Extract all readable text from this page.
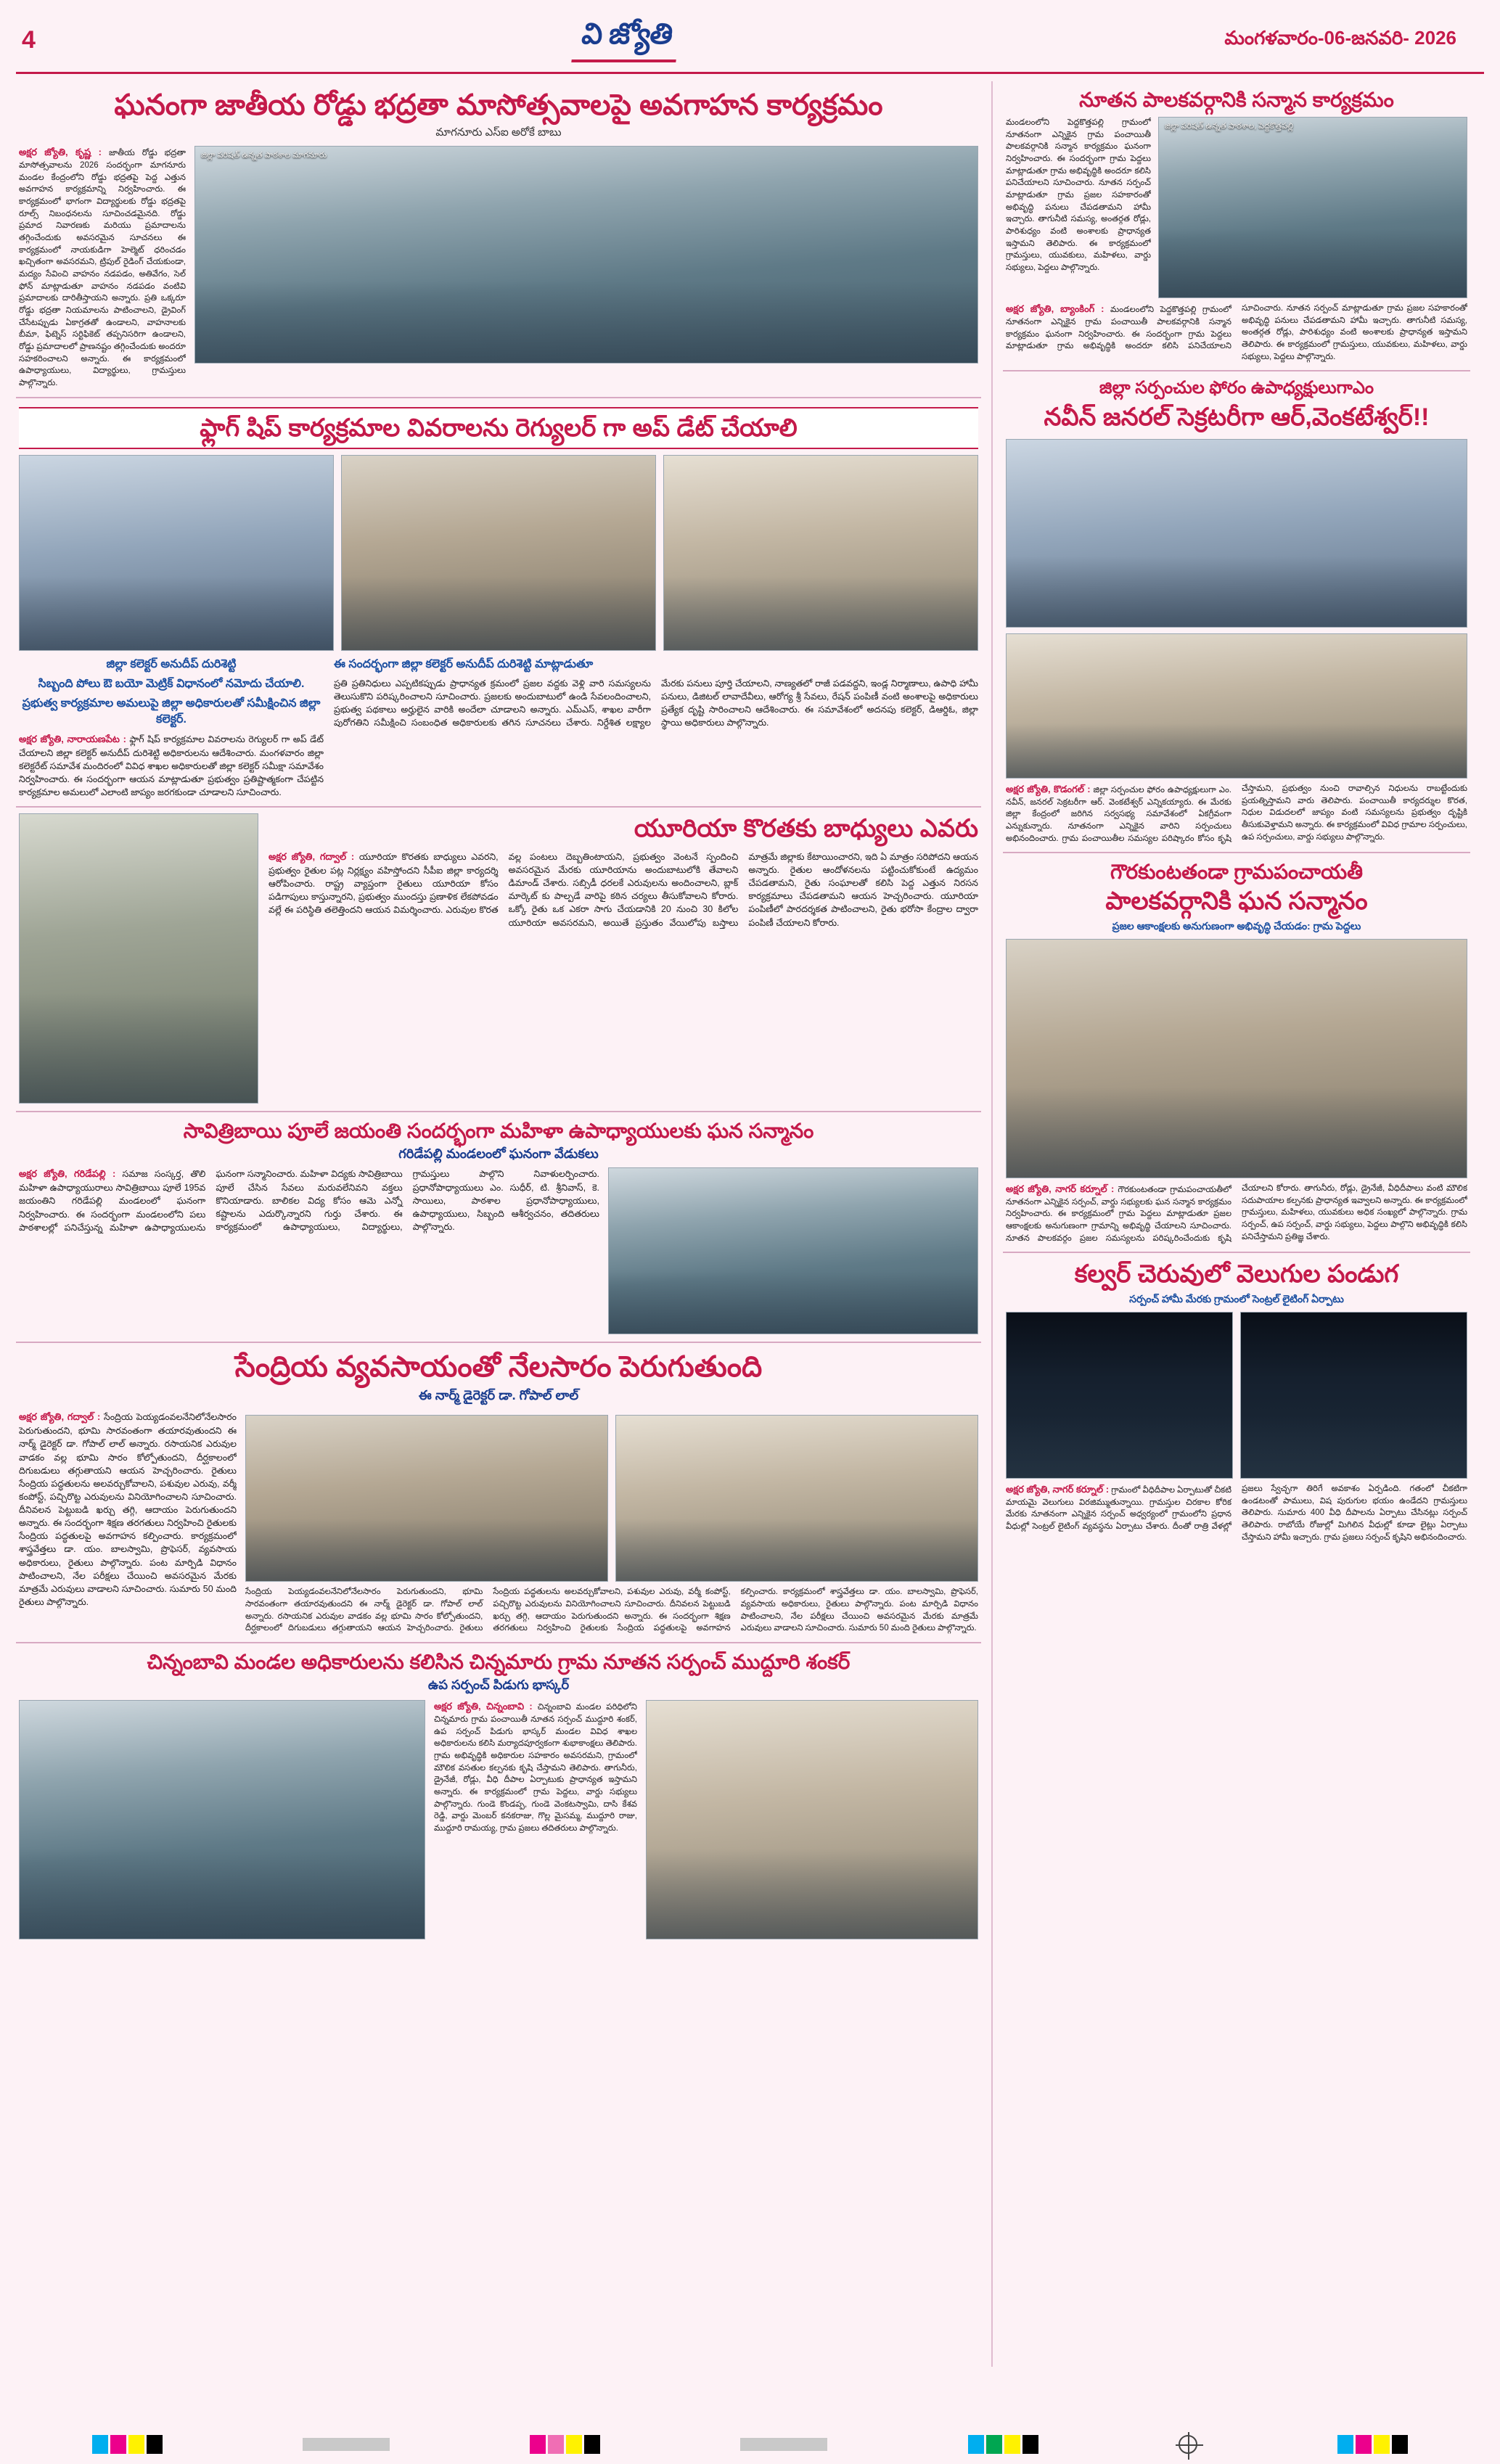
4	వి జ్యోతి	మంగళవారం-06-జనవరి- 2026
ఘనంగా జాతీయ రోడ్డు భద్రతా మాసోత్సవాలపై అవగాహన కార్యక్రమం
మాగనూరు ఎస్ఐ అరోకే బాబు
అక్షర జ్యోతి, కృష్ణ : జాతీయ రోడ్డు భద్రతా మాసోత్సవాలను 2026 సందర్భంగా మాగనూరు మండల కేంద్రంలోని రోడ్డు భద్రతపై పెద్ద ఎత్తున అవగాహన కార్యక్రమాన్ని నిర్వహించారు. ఈ కార్యక్రమంలో భాగంగా విద్యార్థులకు రోడ్డు భద్రతపై రూల్స్ నిబంధనలను సూచించడమైనది. రోడ్డు ప్రమాద నివారణకు మరియు ప్రమాదాలను తగ్గించేందుకు అవసరమైన సూచనలు ఈ కార్యక్రమంలో నాయకుడిగా హెల్మెట్ ధరించడం ఖచ్చితంగా అవసరమని, ట్రిపుల్ రైడింగ్ చేయకుండా, మద్యం సేవించి వాహనం నడపడం, అతివేగం, సెల్ ఫోన్ మాట్లాడుతూ వాహనం నడపడం వంటివి ప్రమాదాలకు దారితీస్తాయని అన్నారు. ప్రతి ఒక్కరూ రోడ్డు భద్రతా నియమాలను పాటించాలని, డ్రైవింగ్ చేసేటప్పుడు ఏకాగ్రతతో ఉండాలని, వాహనాలకు బీమా, ఫిట్నెస్ సర్టిఫికెట్ తప్పనిసరిగా ఉండాలని, రోడ్డు ప్రమాదాలలో ప్రాణనష్టం తగ్గించేందుకు అందరూ సహకరించాలని అన్నారు. ఈ కార్యక్రమంలో ఉపాధ్యాయులు, విద్యార్థులు, గ్రామస్తులు పాల్గొన్నారు.
జిల్లా పరిషత్ ఉన్నత పాఠశాల మాగనూరు
ఫ్లాగ్ షిప్ కార్యక్రమాల వివరాలను రెగ్యులర్ గా అప్ డేట్ చేయాలి
జిల్లా కలెక్టర్ అనుదీప్ దురిశెట్టి
సిబ్బంది పోలు ఔ బయో మెట్రిక్ విధానంలో నమోదు చేయాలి.
ప్రభుత్వ కార్యక్రమాల అమలుపై జిల్లా అధికారులతో సమీక్షించిన జిల్లా కలెక్టర్.
అక్షర జ్యోతి, నారాయణపేట : ఫ్లాగ్ షిప్ కార్యక్రమాల వివరాలను రెగ్యులర్ గా అప్ డేట్ చేయాలని జిల్లా కలెక్టర్ అనుదీప్ దురిశెట్టి అధికారులను ఆదేశించారు. మంగళవారం జిల్లా కలెక్టరేట్ సమావేశ మందిరంలో వివిధ శాఖల అధికారులతో జిల్లా కలెక్టర్ సమీక్షా సమావేశం నిర్వహించారు. ఈ సందర్భంగా ఆయన మాట్లాడుతూ ప్రభుత్వం ప్రతిష్టాత్మకంగా చేపట్టిన కార్యక్రమాల అమలులో ఎలాంటి జాప్యం జరగకుండా చూడాలని సూచించారు.
ఈ సందర్భంగా జిల్లా కలెక్టర్ అనుదీప్ దురిశెట్టి మాట్లాడుతూ
ప్రతి ప్రతినిధులు ఎప్పటికప్పుడు ప్రాధాన్యత క్రమంలో ప్రజల వద్దకు వెళ్లి వారి సమస్యలను తెలుసుకొని పరిష్కరించాలని సూచించారు. ప్రజలకు అందుబాటులో ఉండి సేవలందించాలని, ప్రభుత్వ పథకాలు అర్హులైన వారికి అందేలా చూడాలని అన్నారు. ఎమ్ఎస్, శాఖల వారీగా పురోగతిని సమీక్షించి సంబంధిత అధికారులకు తగిన సూచనలు చేశారు. నిర్దేశిత లక్ష్యాల మేరకు పనులు పూర్తి చేయాలని, నాణ్యతలో రాజీ పడవద్దని, ఇండ్ల నిర్మాణాలు, ఉపాధి హామీ పనులు, డిజిటల్ లావాదేవీలు, ఆరోగ్య శ్రీ సేవలు, రేషన్ పంపిణీ వంటి అంశాలపై అధికారులు ప్రత్యేక దృష్టి సారించాలని ఆదేశించారు. ఈ సమావేశంలో అదనపు కలెక్టర్, డిఆర్డిఓ, జిల్లా స్థాయి అధికారులు పాల్గొన్నారు.
యూరియా కొరతకు బాధ్యులు ఎవరు
అక్షర జ్యోతి, గద్వాల్ : యూరియా కొరతకు బాధ్యులు ఎవరని, ప్రభుత్వం రైతుల పట్ల నిర్లక్ష్యం వహిస్తోందని సీపీఐ జిల్లా కార్యదర్శి ఆరోపించారు. రాష్ట్ర వ్యాప్తంగా రైతులు యూరియా కోసం పడిగాపులు కాస్తున్నారని, ప్రభుత్వం ముందస్తు ప్రణాళిక లేకపోవడం వల్లే ఈ పరిస్థితి తలెత్తిందని ఆయన విమర్శించారు. ఎరువుల కొరత వల్ల పంటలు దెబ్బతింటాయని, ప్రభుత్వం వెంటనే స్పందించి అవసరమైన మేరకు యూరియాను అందుబాటులోకి తేవాలని డిమాండ్ చేశారు. సబ్సిడీ ధరలకే ఎరువులను అందించాలని, బ్లాక్ మార్కెట్ కు పాల్పడే వారిపై కఠిన చర్యలు తీసుకోవాలని కోరారు. ఒక్కో రైతు ఒక ఎకరా సాగు చేయడానికి 20 నుంచి 30 కిలోల యూరియా అవసరమని, అయితే ప్రస్తుతం వేయిలోపు బస్తాలు మాత్రమే జిల్లాకు కేటాయించారని, ఇది ఏ మాత్రం సరిపోదని ఆయన అన్నారు. రైతుల ఆందోళనలను పట్టించుకోకుంటే ఉద్యమం చేపడతామని, రైతు సంఘాలతో కలిసి పెద్ద ఎత్తున నిరసన కార్యక్రమాలు చేపడతామని ఆయన హెచ్చరించారు. యూరియా పంపిణీలో పారదర్శకత పాటించాలని, రైతు భరోసా కేంద్రాల ద్వారా పంపిణీ చేయాలని కోరారు.
సావిత్రిబాయి పూలే జయంతి సందర్భంగా మహిళా ఉపాధ్యాయులకు ఘన సన్మానం
గరిడేపల్లి మండలంలో ఘనంగా వేడుకలు
అక్షర జ్యోతి, గరిడేపల్లి : సమాజ సంస్కర్త, తొలి మహిళా ఉపాధ్యాయురాలు సావిత్రిబాయి పూలే 195వ జయంతిని గరిడేపల్లి మండలంలో ఘనంగా నిర్వహించారు. ఈ సందర్భంగా మండలంలోని పలు పాఠశాలల్లో పనిచేస్తున్న మహిళా ఉపాధ్యాయులను ఘనంగా సన్మానించారు. మహిళా విద్యకు సావిత్రిబాయి పూలే చేసిన సేవలు మరువలేనివని వక్తలు కొనియాడారు. బాలికల విద్య కోసం ఆమె ఎన్నో కష్టాలను ఎదుర్కొన్నారని గుర్తు చేశారు. ఈ కార్యక్రమంలో ఉపాధ్యాయులు, విద్యార్థులు, గ్రామస్తులు పాల్గొని నివాళులర్పించారు. ప్రధానోపాధ్యాయులు ఎం. సుధీర్, టి. శ్రీనివాస్, కె. సాయిలు, పాఠశాల ప్రధానోపాధ్యాయులు, ఉపాధ్యాయులు, సిబ్బంది ఆశీర్వచనం, తదితరులు పాల్గొన్నారు.
సేంద్రియ వ్యవసాయంతో నేలసారం పెరుగుతుంది
ఈ నార్మ్ డైరెక్టర్ డా. గోపాల్ లాల్
అక్షర జ్యోతి, గద్వాల్ : సేంద్రియ పెయ్యడంవలనేనిలోనేలసారం పెరుగుతుందని, భూమి సారవంతంగా తయారవుతుందని ఈ నార్మ్ డైరెక్టర్ డా. గోపాల్ లాల్ అన్నారు. రసాయనిక ఎరువుల వాడకం వల్ల భూమి సారం కోల్పోతుందని, దీర్ఘకాలంలో దిగుబడులు తగ్గుతాయని ఆయన హెచ్చరించారు. రైతులు సేంద్రియ పద్ధతులను అలవర్చుకోవాలని, పశువుల ఎరువు, వర్మీ కంపోస్ట్, పచ్చిరొట్ట ఎరువులను వినియోగించాలని సూచించారు. దీనివలన పెట్టుబడి ఖర్చు తగ్గి, ఆదాయం పెరుగుతుందని అన్నారు. ఈ సందర్భంగా శిక్షణ తరగతులు నిర్వహించి రైతులకు సేంద్రియ పద్ధతులపై అవగాహన కల్పించారు. కార్యక్రమంలో శాస్త్రవేత్తలు డా. యం. బాలస్వామి, ప్రొఫెసర్, వ్యవసాయ అధికారులు, రైతులు పాల్గొన్నారు. పంట మార్పిడి విధానం పాటించాలని, నేల పరీక్షలు చేయించి అవసరమైన మేరకు మాత్రమే ఎరువులు వాడాలని సూచించారు. సుమారు 50 మంది రైతులు పాల్గొన్నారు.
సేంద్రియ పెయ్యడంవలనేనిలోనేలసారం పెరుగుతుందని, భూమి సారవంతంగా తయారవుతుందని ఈ నార్మ్ డైరెక్టర్ డా. గోపాల్ లాల్ అన్నారు. రసాయనిక ఎరువుల వాడకం వల్ల భూమి సారం కోల్పోతుందని, దీర్ఘకాలంలో దిగుబడులు తగ్గుతాయని ఆయన హెచ్చరించారు. రైతులు సేంద్రియ పద్ధతులను అలవర్చుకోవాలని, పశువుల ఎరువు, వర్మీ కంపోస్ట్, పచ్చిరొట్ట ఎరువులను వినియోగించాలని సూచించారు. దీనివలన పెట్టుబడి ఖర్చు తగ్గి, ఆదాయం పెరుగుతుందని అన్నారు. ఈ సందర్భంగా శిక్షణ తరగతులు నిర్వహించి రైతులకు సేంద్రియ పద్ధతులపై అవగాహన కల్పించారు. కార్యక్రమంలో శాస్త్రవేత్తలు డా. యం. బాలస్వామి, ప్రొఫెసర్, వ్యవసాయ అధికారులు, రైతులు పాల్గొన్నారు. పంట మార్పిడి విధానం పాటించాలని, నేల పరీక్షలు చేయించి అవసరమైన మేరకు మాత్రమే ఎరువులు వాడాలని సూచించారు. సుమారు 50 మంది రైతులు పాల్గొన్నారు.
చిన్నంబావి మండల అధికారులను కలిసిన చిన్నమారు గ్రామ నూతన సర్పంచ్ ముద్దూరి శంకర్
ఉప సర్పంచ్ పిడుగు భాస్కర్
అక్షర జ్యోతి, చిన్నంబావి : చిన్నంబావి మండల పరిధిలోని చిన్నమారు గ్రామ పంచాయితీ నూతన సర్పంచ్ ముద్దూరి శంకర్, ఉప సర్పంచ్ పిడుగు భాస్కర్ మండల వివిధ శాఖల అధికారులను కలిసి మర్యాదపూర్వకంగా శుభాకాంక్షలు తెలిపారు. గ్రామ అభివృద్ధికి అధికారుల సహకారం అవసరమని, గ్రామంలో మౌలిక వసతుల కల్పనకు కృషి చేస్తామని తెలిపారు. తాగునీరు, డ్రైనేజీ, రోడ్లు, వీధి దీపాల ఏర్పాటుకు ప్రాధాన్యత ఇస్తామని అన్నారు. ఈ కార్యక్రమంలో గ్రామ పెద్దలు, వార్డు సభ్యులు పాల్గొన్నారు. గుండె కొండప్ప, గుండె వెంకటస్వామి, దాసి కేశవ రెడ్డి, వార్డు మెంబర్ కనకరాజు, గొల్ల మైసమ్మ, ముద్దూరి రాజు, ముద్దూరి రామయ్య, గ్రామ ప్రజలు తదితరులు పాల్గొన్నారు.
నూతన పాలకవర్గానికి సన్మాన కార్యక్రమం
మండలంలోని పెద్దకొత్తపల్లి గ్రామంలో నూతనంగా ఎన్నికైన గ్రామ పంచాయితీ పాలకవర్గానికి సన్మాన కార్యక్రమం ఘనంగా నిర్వహించారు. ఈ సందర్భంగా గ్రామ పెద్దలు మాట్లాడుతూ గ్రామ అభివృద్ధికి అందరూ కలిసి పనిచేయాలని సూచించారు. నూతన సర్పంచ్ మాట్లాడుతూ గ్రామ ప్రజల సహకారంతో అభివృద్ధి పనులు చేపడతామని హామీ ఇచ్చారు. తాగునీటి సమస్య, అంతర్గత రోడ్లు, పారిశుధ్యం వంటి అంశాలకు ప్రాధాన్యత ఇస్తామని తెలిపారు. ఈ కార్యక్రమంలో గ్రామస్తులు, యువకులు, మహిళలు, వార్డు సభ్యులు, పెద్దలు పాల్గొన్నారు.
జిల్లా పరిషత్ ఉన్నత పాఠశాల, పెద్దకొత్తపల్లి
అక్షర జ్యోతి, బ్యాంకింగ్ : మండలంలోని పెద్దకొత్తపల్లి గ్రామంలో నూతనంగా ఎన్నికైన గ్రామ పంచాయితీ పాలకవర్గానికి సన్మాన కార్యక్రమం ఘనంగా నిర్వహించారు. ఈ సందర్భంగా గ్రామ పెద్దలు మాట్లాడుతూ గ్రామ అభివృద్ధికి అందరూ కలిసి పనిచేయాలని సూచించారు. నూతన సర్పంచ్ మాట్లాడుతూ గ్రామ ప్రజల సహకారంతో అభివృద్ధి పనులు చేపడతామని హామీ ఇచ్చారు. తాగునీటి సమస్య, అంతర్గత రోడ్లు, పారిశుధ్యం వంటి అంశాలకు ప్రాధాన్యత ఇస్తామని తెలిపారు. ఈ కార్యక్రమంలో గ్రామస్తులు, యువకులు, మహిళలు, వార్డు సభ్యులు, పెద్దలు పాల్గొన్నారు.
జిల్లా సర్పంచుల ఫోరం ఉపాధ్యక్షులుగాఎం
నవీన్ జనరల్ సెక్రటరీగా ఆర్,వెంకటేశ్వర్!!
అక్షర జ్యోతి, కొడంగల్ : జిల్లా సర్పంచుల ఫోరం ఉపాధ్యక్షులుగా ఎం. నవీన్, జనరల్ సెక్రటరీగా ఆర్. వెంకటేశ్వర్ ఎన్నికయ్యారు. ఈ మేరకు జిల్లా కేంద్రంలో జరిగిన సర్వసభ్య సమావేశంలో ఏకగ్రీవంగా ఎన్నుకున్నారు. నూతనంగా ఎన్నికైన వారిని సర్పంచులు అభినందించారు. గ్రామ పంచాయితీల సమస్యల పరిష్కారం కోసం కృషి చేస్తామని, ప్రభుత్వం నుంచి రావాల్సిన నిధులను రాబట్టేందుకు ప్రయత్నిస్తామని వారు తెలిపారు. పంచాయితీ కార్యదర్శుల కొరత, నిధుల విడుదలలో జాప్యం వంటి సమస్యలను ప్రభుత్వం దృష్టికి తీసుకువెళ్తామని అన్నారు. ఈ కార్యక్రమంలో వివిధ గ్రామాల సర్పంచులు, ఉప సర్పంచులు, వార్డు సభ్యులు పాల్గొన్నారు.
గౌరకుంటతండా గ్రామపంచాయతీ
పాలకవర్గానికి ఘన సన్మానం
ప్రజల ఆకాంక్షలకు అనుగుణంగా అభివృద్ధి చేయడం: గ్రామ పెద్దలు
అక్షర జ్యోతి, నాగర్ కర్నూల్ : గౌరకుంటతండా గ్రామపంచాయతీలో నూతనంగా ఎన్నికైన సర్పంచ్, వార్డు సభ్యులకు ఘన సన్మాన కార్యక్రమం నిర్వహించారు. ఈ కార్యక్రమంలో గ్రామ పెద్దలు మాట్లాడుతూ ప్రజల ఆకాంక్షలకు అనుగుణంగా గ్రామాన్ని అభివృద్ధి చేయాలని సూచించారు. నూతన పాలకవర్గం ప్రజల సమస్యలను పరిష్కరించేందుకు కృషి చేయాలని కోరారు. తాగునీరు, రోడ్లు, డ్రైనేజీ, వీధిదీపాలు వంటి మౌలిక సదుపాయాల కల్పనకు ప్రాధాన్యత ఇవ్వాలని అన్నారు. ఈ కార్యక్రమంలో గ్రామస్తులు, మహిళలు, యువకులు అధిక సంఖ్యలో పాల్గొన్నారు. గ్రామ సర్పంచ్, ఉప సర్పంచ్, వార్డు సభ్యులు, పెద్దలు పాల్గొని అభివృద్ధికి కలిసి పనిచేస్తామని ప్రతిజ్ఞ చేశారు.
కల్వర్ చెరువులో వెలుగుల పండుగ
సర్పంచ్ హామీ మేరకు గ్రామంలో సెంట్రల్ లైటింగ్ ఏర్పాటు
అక్షర జ్యోతి, నాగర్ కర్నూల్ : గ్రామంలో వీధిదీపాల ఏర్పాటుతో చీకటి మాయమై వెలుగులు విరజిమ్ముతున్నాయి. గ్రామస్తుల చిరకాల కోరిక మేరకు నూతనంగా ఎన్నికైన సర్పంచ్ అధ్వర్యంలో గ్రామంలోని ప్రధాన వీధుల్లో సెంట్రల్ లైటింగ్ వ్యవస్థను ఏర్పాటు చేశారు. దీంతో రాత్రి వేళల్లో ప్రజలు స్వేచ్ఛగా తిరిగే అవకాశం ఏర్పడింది. గతంలో చీకటిగా ఉండటంతో పాములు, విష పురుగుల భయం ఉండేదని గ్రామస్తులు తెలిపారు. సుమారు 400 వీధి దీపాలను ఏర్పాటు చేసినట్లు సర్పంచ్ తెలిపారు. రాబోయే రోజుల్లో మిగిలిన వీధుల్లో కూడా లైట్లు ఏర్పాటు చేస్తామని హామీ ఇచ్చారు. గ్రామ ప్రజలు సర్పంచ్ కృషిని అభినందించారు.
